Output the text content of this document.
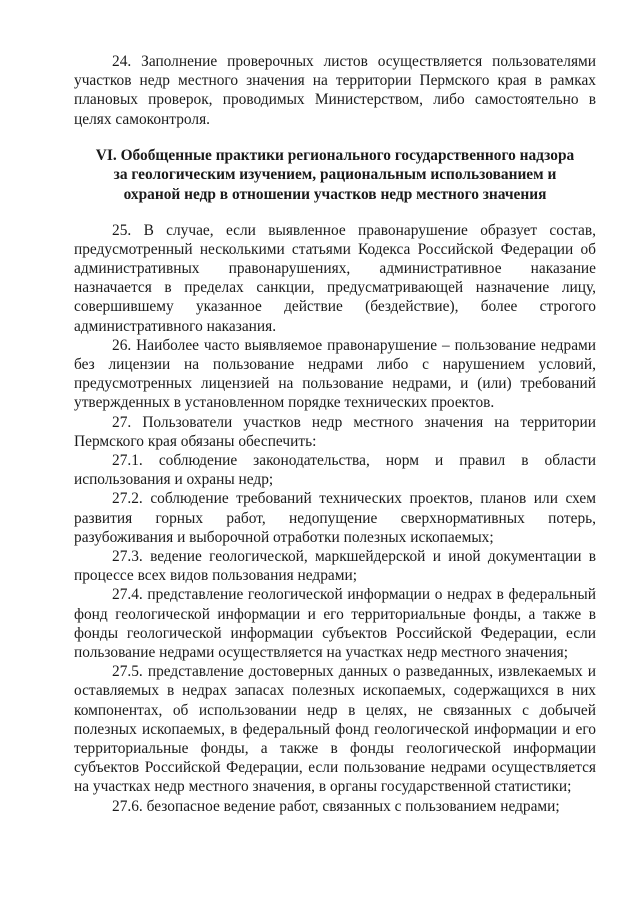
24. Заполнение проверочных листов осуществляется пользователями участков недр местного значения на территории Пермского края в рамках плановых проверок, проводимых Министерством, либо самостоятельно в целях самоконтроля.

VI. Обобщенные практики регионального государственного надзора за геологическим изучением, рациональным использованием и охраной недр в отношении участков недр местного значения

25. В случае, если выявленное правонарушение образует состав, предусмотренный несколькими статьями Кодекса Российской Федерации об административных правонарушениях, административное наказание назначается в пределах санкции, предусматривающей назначение лицу, совершившему указанное действие (бездействие), более строгого административного наказания.

26. Наиболее часто выявляемое правонарушение – пользование недрами без лицензии на пользование недрами либо с нарушением условий, предусмотренных лицензией на пользование недрами, и (или) требований утвержденных в установленном порядке технических проектов.

27. Пользователи участков недр местного значения на территории Пермского края обязаны обеспечить:

27.1. соблюдение законодательства, норм и правил в области использования и охраны недр;

27.2. соблюдение требований технических проектов, планов или схем развития горных работ, недопущение сверхнормативных потерь, разубоживания и выборочной отработки полезных ископаемых;

27.3. ведение геологической, маркшейдерской и иной документации в процессе всех видов пользования недрами;

27.4. представление геологической информации о недрах в федеральный фонд геологической информации и его территориальные фонды, а также в фонды геологической информации субъектов Российской Федерации, если пользование недрами осуществляется на участках недр местного значения;

27.5. представление достоверных данных о разведанных, извлекаемых и оставляемых в недрах запасах полезных ископаемых, содержащихся в них компонентах, об использовании недр в целях, не связанных с добычей полезных ископаемых, в федеральный фонд геологической информации и его территориальные фонды, а также в фонды геологической информации субъектов Российской Федерации, если пользование недрами осуществляется на участках недр местного значения, в органы государственной статистики;

27.6. безопасное ведение работ, связанных с пользованием недрами;
